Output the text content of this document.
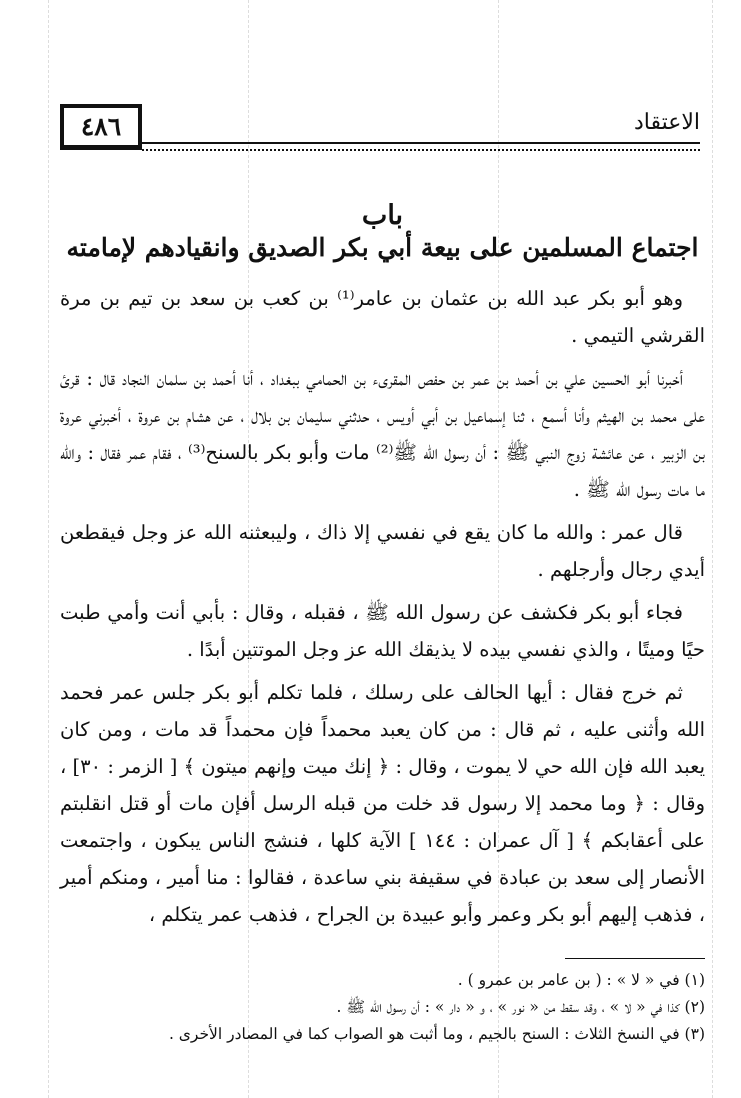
٤٨٦	الاعتقاد
باب
اجتماع المسلمين على بيعة أبي بكر الصديق وانقيادهم لإمامته

وهو أبو بكر عبد الله بن عثمان بن عامر⁽¹⁾ بن كعب بن سعد بن تيم بن مرة القرشي التيمي .

أخبرنا أبو الحسين علي بن أحمد بن عمر بن حفص المقرىء بن الحمامي ببغداد ، أنا أحمد بن سلمان النجاد قال : قرئ على محمد بن الهيثم وأنا أسمع ، ثنا إسماعيل بن أبي أويس ، حدثني سليمان بن بلال ، عن هشام بن عروة ، أخبرني عروة بن الزبير ، عن عائشة زوج النبي ﷺ : أن رسول الله ﷺ⁽²⁾ مات وأبو بكر بالسنح⁽³⁾ ، فقام عمر فقال : والله ما مات رسول الله ﷺ .

قال عمر : والله ما كان يقع في نفسي إلا ذاك ، وليبعثنه الله عز وجل فيقطعن أيدي رجال وأرجلهم .

فجاء أبو بكر فكشف عن رسول الله ﷺ ، فقبله ، وقال : بأبي أنت وأمي طبت حيًا وميتًا ، والذي نفسي بيده لا يذيقك الله عز وجل الموتتين أبدًا .

ثم خرج فقال : أيها الحالف على رسلك ، فلما تكلم أبو بكر جلس عمر فحمد الله وأثنى عليه ، ثم قال : من كان يعبد محمداً فإن محمداً قد مات ، ومن كان يعبد الله فإن الله حي لا يموت ، وقال : ﴿ إنك ميت وإنهم ميتون ﴾ [ الزمر : ٣٠] ، وقال : ﴿ وما محمد إلا رسول قد خلت من قبله الرسل أفإن مات أو قتل انقلبتم على أعقابكم ﴾ [ آل عمران : ١٤٤ ] الآية كلها ، فنشج الناس يبكون ، واجتمعت الأنصار إلى سعد بن عبادة في سقيفة بني ساعدة ، فقالوا : منا أمير ، ومنكم أمير ، فذهب إليهم أبو بكر وعمر وأبو عبيدة بن الجراح ، فذهب عمر يتكلم ،

(١) في « لا » : ( بن عامر بن عمرو ) .

(٢) كذا في « لا » ، وقد سقط من « نور » ، و « دار » : أن رسول الله ﷺ .

(٣) في النسخ الثلاث : السنح بالجيم ، وما أثبت هو الصواب كما في المصادر الأخرى .
